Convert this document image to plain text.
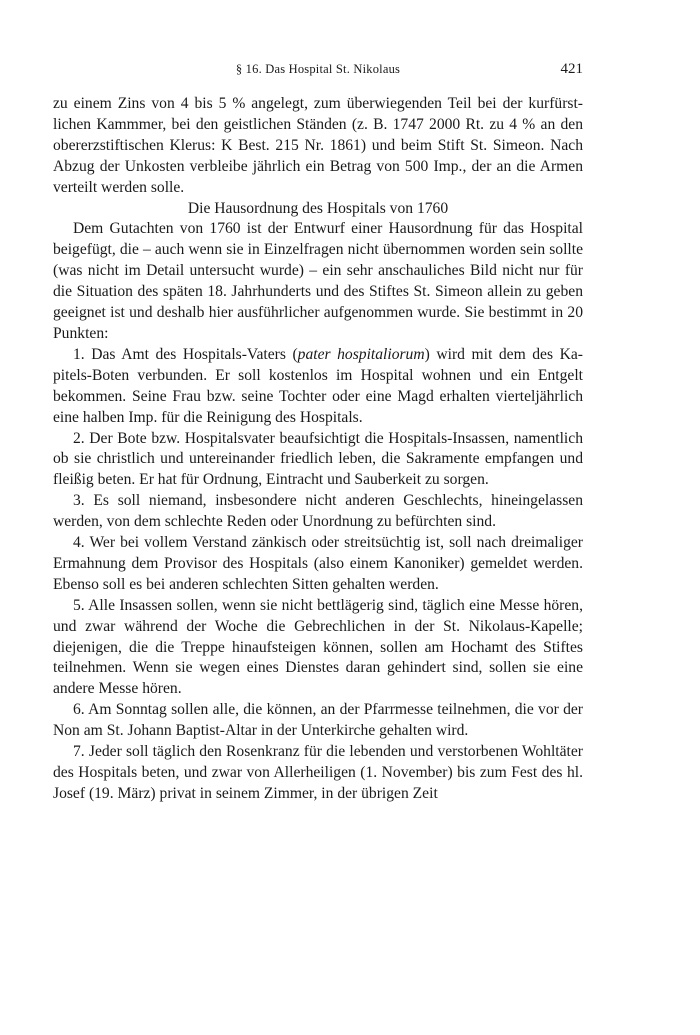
§ 16. Das Hospital St. Nikolaus	421

zu einem Zins von 4 bis 5 % angelegt, zum überwiegenden Teil bei der kurfürstlichen Kammmer, bei den geistlichen Ständen (z. B. 1747 2000 Rt. zu 4 % an den obererzstiftischen Klerus: K Best. 215 Nr. 1861) und beim Stift St. Simeon. Nach Abzug der Unkosten verbleibe jährlich ein Betrag von 500 Imp., der an die Armen verteilt werden solle.

Die Hausordnung des Hospitals von 1760

Dem Gutachten von 1760 ist der Entwurf einer Hausordnung für das Hospital beigefügt, die – auch wenn sie in Einzelfragen nicht übernommen worden sein sollte (was nicht im Detail untersucht wurde) – ein sehr anschauliches Bild nicht nur für die Situation des späten 18. Jahrhunderts und des Stiftes St. Simeon allein zu geben geeignet ist und deshalb hier ausführlicher aufgenommen wurde. Sie bestimmt in 20 Punkten:

1. Das Amt des Hospitals-Vaters (pater hospitaliorum) wird mit dem des Kapitels-Boten verbunden. Er soll kostenlos im Hospital wohnen und ein Entgelt bekommen. Seine Frau bzw. seine Tochter oder eine Magd erhalten vierteljährlich eine halben Imp. für die Reinigung des Hospitals.

2. Der Bote bzw. Hospitalsvater beaufsichtigt die Hospitals-Insassen, namentlich ob sie christlich und untereinander friedlich leben, die Sakramente empfangen und fleißig beten. Er hat für Ordnung, Eintracht und Sauberkeit zu sorgen.

3. Es soll niemand, insbesondere nicht anderen Geschlechts, hineingelassen werden, von dem schlechte Reden oder Unordnung zu befürchten sind.

4. Wer bei vollem Verstand zänkisch oder streitsüchtig ist, soll nach dreimaliger Ermahnung dem Provisor des Hospitals (also einem Kanoniker) gemeldet werden. Ebenso soll es bei anderen schlechten Sitten gehalten werden.

5. Alle Insassen sollen, wenn sie nicht bettlägerig sind, täglich eine Messe hören, und zwar während der Woche die Gebrechlichen in der St. Nikolaus-Kapelle; diejenigen, die die Treppe hinaufsteigen können, sollen am Hochamt des Stiftes teilnehmen. Wenn sie wegen eines Dienstes daran gehindert sind, sollen sie eine andere Messe hören.

6. Am Sonntag sollen alle, die können, an der Pfarrmesse teilnehmen, die vor der Non am St. Johann Baptist-Altar in der Unterkirche gehalten wird.

7. Jeder soll täglich den Rosenkranz für die lebenden und verstorbenen Wohltäter des Hospitals beten, und zwar von Allerheiligen (1. November) bis zum Fest des hl. Josef (19. März) privat in seinem Zimmer, in der übrigen Zeit
